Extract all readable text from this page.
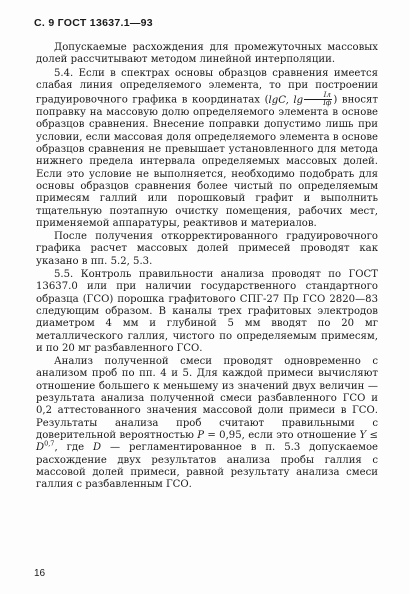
С. 9 ГОСТ 13637.1—93

Допускаемые расхождения для промежуточных массовых долей рассчитывают методом линейной интерполяции.

5.4. Если в спектрах основы образцов сравнения имеется слабая линия определяемого элемента, то при построении градуировочного графика в координатах (lgC, $\lg \frac{Iл}{Iф}$ ) вносят поправку на массовую долю определяемого элемента в основе образцов сравнения. Внесение поправки допустимо лишь при условии, если массовая доля определяемого элемента в основе образцов сравнения не превышает установленного для метода нижнего предела интервала определяемых массовых долей. Если это условие не выполняется, необходимо подобрать для основы образцов сравнения более чистый по определяемым примесям галлий или порошковый графит и выполнить тщательную поэтапную очистку помещения, рабочих мест, применяемой аппаратуры, реактивов и материалов.

После получения откорректированного градуировочного графика расчет массовых долей примесей проводят как указано в пп. 5.2, 5.3.

5.5. Контроль правильности анализа проводят по ГОСТ 13637.0 или при наличии государственного стандартного образца (ГСО) порошка графитового СПГ-27 Пр ГСО 2820—83 следующим образом. В каналы трех графитовых электродов диаметром 4 мм и глубиной 5 мм вводят по 20 мг металлического галлия, чистого по определяемым примесям, и по 20 мг разбавленного ГСО.

Анализ полученной смеси проводят одновременно с анализом проб по пп. 4 и 5. Для каждой примеси вычисляют отношение большего к меньшему из значений двух величин — результата анализа полученной смеси разбавленного ГСО и 0,2 аттестованного значения массовой доли примеси в ГСО. Результаты анализа проб считают правильными с доверительной вероятностью P = 0,95, если это отношение Y ≤ D$^{0,7}$, где D — регламентированное в п. 5.3 допускаемое расхождение двух результатов анализа пробы галлия с массовой долей примеси, равной результату анализа смеси галлия с разбавленным ГСО.

16
